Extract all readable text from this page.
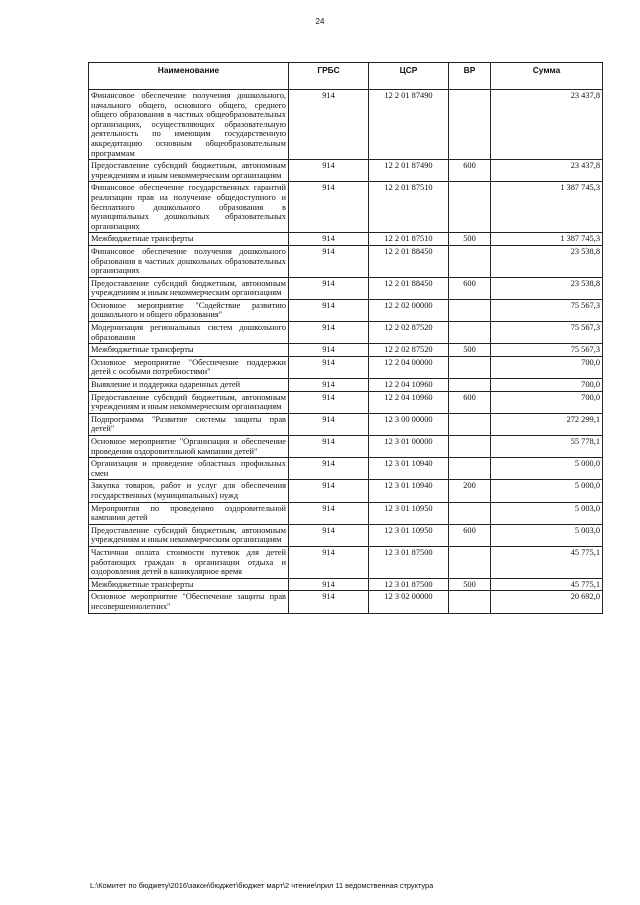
24
Наименование	ГРБС	ЦСР	ВР	Сумма
Финансовое обеспечение получения дошкольного, начального общего, основного общего, среднего общего образования в частных общеобразовательных организациях, осуществляющих образовательную деятельность по имеющим государственную аккредитацию основным общеобразовательным программам	914	12 2 01 87490		23 437,8
Предоставление субсидий бюджетным, автономным учреждениям и иным некоммерческим организациям	914	12 2 01 87490	600	23 437,8
Финансовое обеспечение государственных гарантий реализации прав на получение общедоступного и бесплатного дошкольного образования в муниципальных дошкольных образовательных организациях	914	12 2 01 87510		1 387 745,3
Межбюджетные трансферты	914	12 2 01 87510	500	1 387 745,3
Финансовое обеспечение получения дошкольного образования в частных дошкольных образовательных организациях	914	12 2 01 88450		23 538,8
Предоставление субсидий бюджетным, автономным учреждениям и иным некоммерческим организациям	914	12 2 01 88450	600	23 538,8
Основное мероприятие "Содействие развитию дошкольного и общего образования"	914	12 2 02 00000		75 567,3
Модернизация региональных систем дошкольного образования	914	12 2 02 87520		75 567,3
Межбюджетные трансферты	914	12 2 02 87520	500	75 567,3
Основное мероприятие "Обеспечение поддержки детей с особыми потребностями"	914	12 2 04 00000		700,0
Выявление и поддержка одаренных детей	914	12 2 04 10960		700,0
Предоставление субсидий бюджетным, автономным учреждениям и иным некоммерческим организациям	914	12 2 04 10960	600	700,0
Подпрограмма "Развитие системы защиты прав детей"	914	12 3 00 00000		272 299,1
Основное мероприятие "Организация и обеспечение проведения оздоровительной кампании детей"	914	12 3 01 00000		55 778,1
Организация и проведение областных профильных смен	914	12 3 01 10940		5 000,0
Закупка товаров, работ и услуг для обеспечения государственных (муниципальных) нужд	914	12 3 01 10940	200	5 000,0
Мероприятия по проведению оздоровительной кампании детей	914	12 3 01 10950		5 003,0
Предоставление субсидий бюджетным, автономным учреждениям и иным некоммерческим организациям	914	12 3 01 10950	600	5 003,0
Частичная оплата стоимости путевок для детей работающих граждан в организации отдыха и оздоровления детей в каникулярное время	914	12 3 01 87500		45 775,1
Межбюджетные трансферты	914	12 3 01 87500	500	45 775,1
Основное мероприятие "Обеспечение защиты прав несовершеннолетних"	914	12 3 02 00000		20 692,0
L:\Комитет по бюджету\2016\закон\бюджет\бюджет март\2 чтение\прил 11 ведомственная структура
